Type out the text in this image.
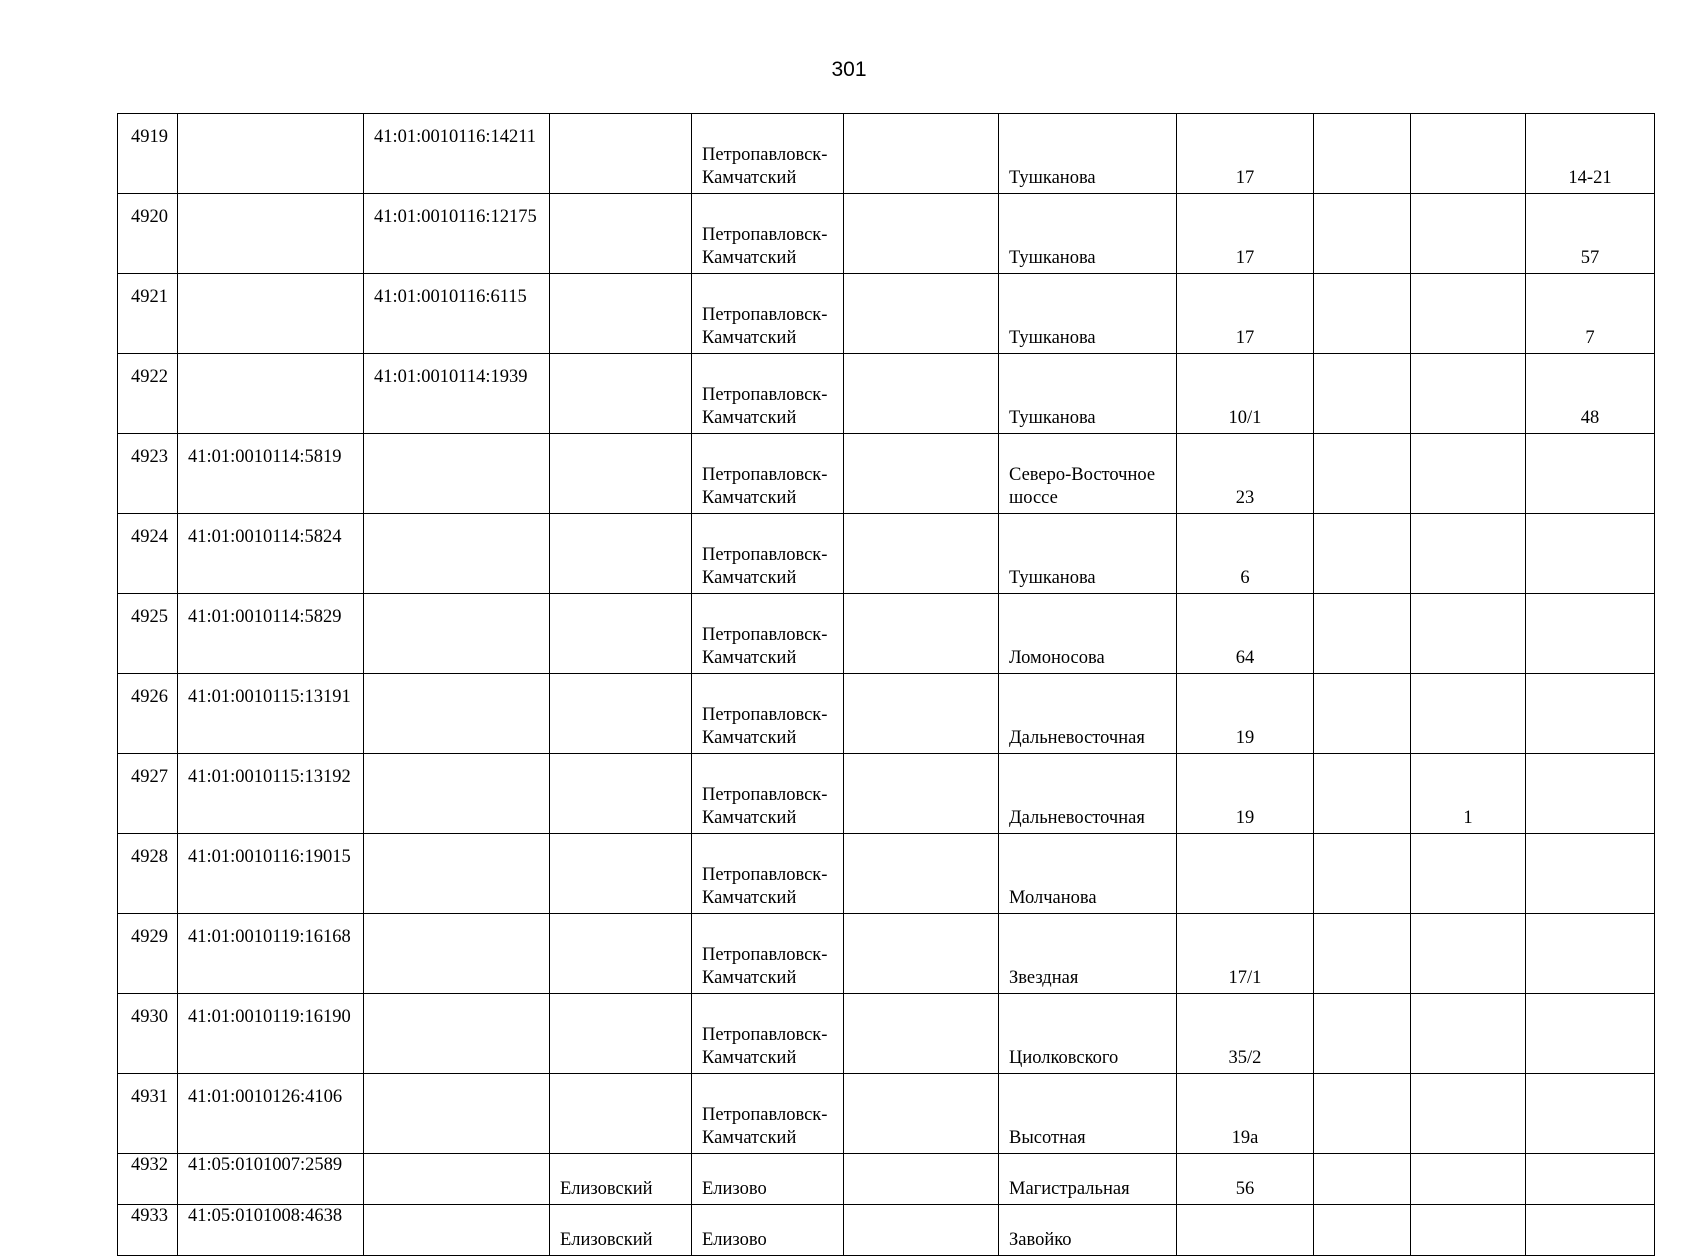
301
4919		41:01:0010116:14211		Петропавловск-Камчатский		Тушканова	17			14-21
4920		41:01:0010116:12175		Петропавловск-Камчатский		Тушканова	17			57
4921		41:01:0010116:6115		Петропавловск-Камчатский		Тушканова	17			7
4922		41:01:0010114:1939		Петропавловск-Камчатский		Тушканова	10/1			48
4923	41:01:0010114:5819			Петропавловск-Камчатский		Северо-Восточное шоссе	23			
4924	41:01:0010114:5824			Петропавловск-Камчатский		Тушканова	6			
4925	41:01:0010114:5829			Петропавловск-Камчатский		Ломоносова	64			
4926	41:01:0010115:13191			Петропавловск-Камчатский		Дальневосточная	19			
4927	41:01:0010115:13192			Петропавловск-Камчатский		Дальневосточная	19		1	
4928	41:01:0010116:19015			Петропавловск-Камчатский		Молчанова				
4929	41:01:0010119:16168			Петропавловск-Камчатский		Звездная	17/1			
4930	41:01:0010119:16190			Петропавловск-Камчатский		Циолковского	35/2			
4931	41:01:0010126:4106			Петропавловск-Камчатский		Высотная	19а			
4932	41:05:0101007:2589		Елизовский	Елизово		Магистральная	56			
4933	41:05:0101008:4638		Елизовский	Елизово		Завойко				
